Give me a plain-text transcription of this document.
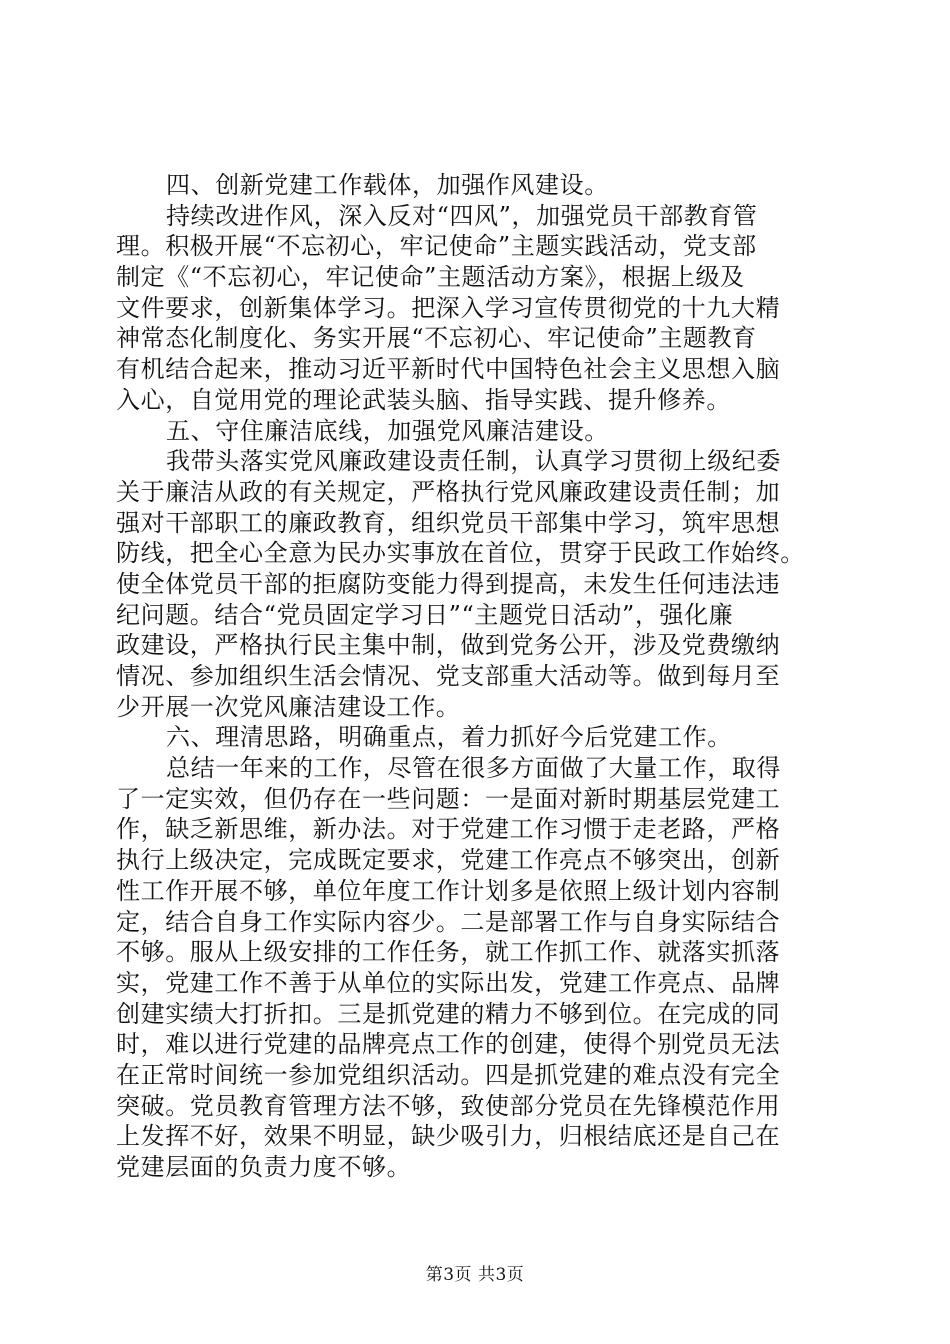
四、创新党建工作载体，加强作风建设。
持续改进作风，深入反对“四风”，加强党员干部教育管
理。积极开展“不忘初心，牢记使命”主题实践活动，党支部
制定《“不忘初心，牢记使命”主题活动方案》，根据上级及
文件要求，创新集体学习。把深入学习宣传贯彻党的十九大精
神常态化制度化、务实开展“不忘初心、牢记使命”主题教育
有机结合起来，推动习近平新时代中国特色社会主义思想入脑
入心，自觉用党的理论武装头脑、指导实践、提升修养。
五、守住廉洁底线，加强党风廉洁建设。
我带头落实党风廉政建设责任制，认真学习贯彻上级纪委
关于廉洁从政的有关规定，严格执行党风廉政建设责任制；加
强对干部职工的廉政教育，组织党员干部集中学习，筑牢思想
防线，把全心全意为民办实事放在首位，贯穿于民政工作始终。
使全体党员干部的拒腐防变能力得到提高，未发生任何违法违
纪问题。结合“党员固定学习日”“主题党日活动”，强化廉
政建设，严格执行民主集中制，做到党务公开，涉及党费缴纳
情况、参加组织生活会情况、党支部重大活动等。做到每月至
少开展一次党风廉洁建设工作。
六、理清思路，明确重点，着力抓好今后党建工作。
总结一年来的工作，尽管在很多方面做了大量工作，取得
了一定实效，但仍存在一些问题：一是面对新时期基层党建工
作，缺乏新思维，新办法。对于党建工作习惯于走老路，严格
执行上级决定，完成既定要求，党建工作亮点不够突出，创新
性工作开展不够，单位年度工作计划多是依照上级计划内容制
定，结合自身工作实际内容少。二是部署工作与自身实际结合
不够。服从上级安排的工作任务，就工作抓工作、就落实抓落
实，党建工作不善于从单位的实际出发，党建工作亮点、品牌
创建实绩大打折扣。三是抓党建的精力不够到位。在完成的同
时，难以进行党建的品牌亮点工作的创建，使得个别党员无法
在正常时间统一参加党组织活动。四是抓党建的难点没有完全
突破。党员教育管理方法不够，致使部分党员在先锋模范作用
上发挥不好，效果不明显，缺少吸引力，归根结底还是自己在
党建层面的负责力度不够。
第3页 共3页
